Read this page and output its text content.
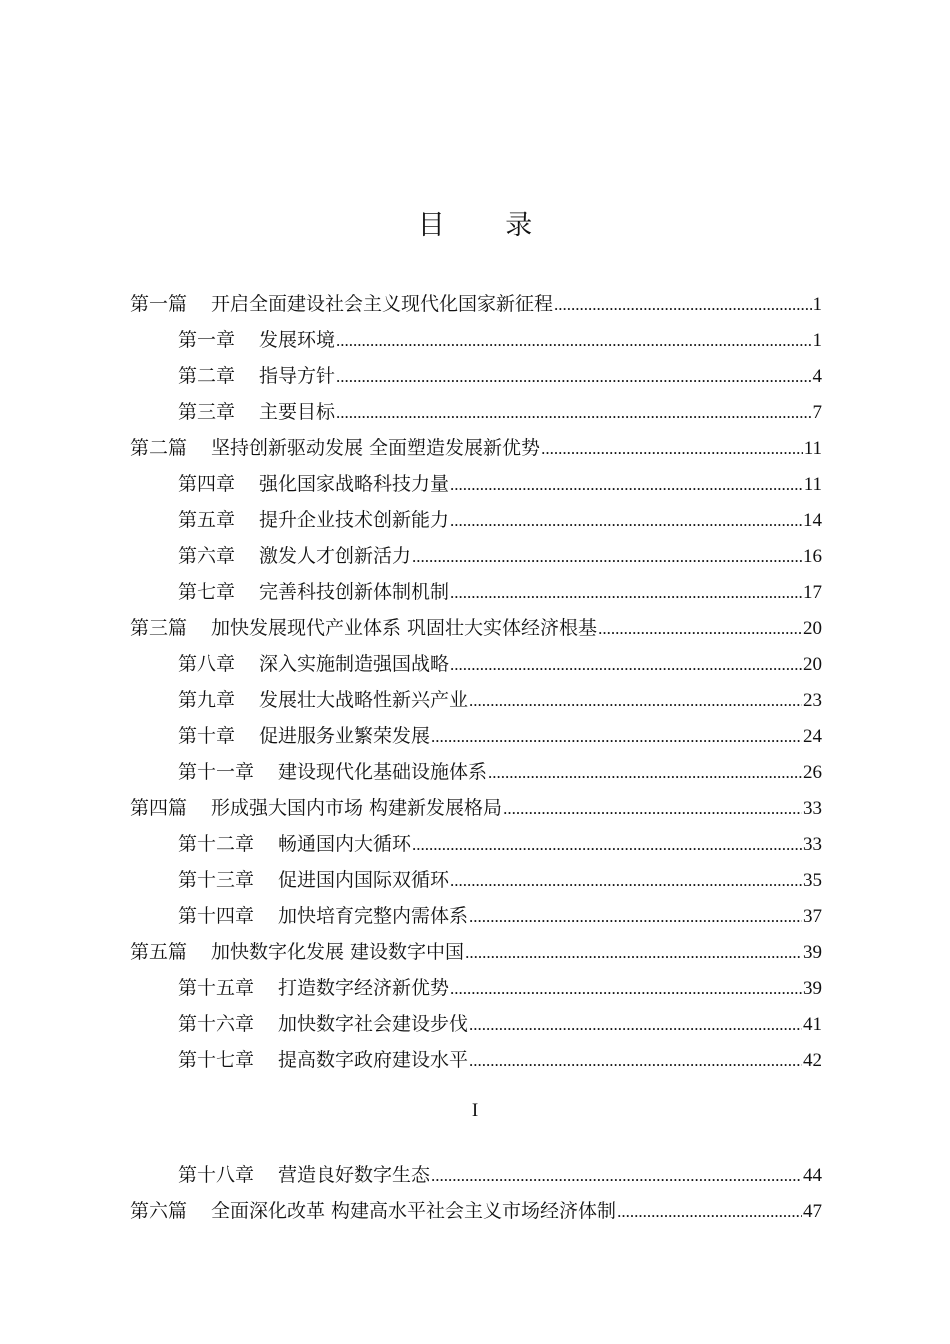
目 录
第一篇 开启全面建设社会主义现代化国家新征程 .....	1
第一章 发展环境 .....	1
第二章 指导方针 .....	4
第三章 主要目标 .....	7
第二篇 坚持创新驱动发展 全面塑造发展新优势 .....	11
第四章 强化国家战略科技力量 .....	11
第五章 提升企业技术创新能力 .....	14
第六章 激发人才创新活力 .....	16
第七章 完善科技创新体制机制 .....	17
第三篇 加快发展现代产业体系 巩固壮大实体经济根基 .....	20
第八章 深入实施制造强国战略 .....	20
第九章 发展壮大战略性新兴产业 .....	23
第十章 促进服务业繁荣发展 .....	24
第十一章 建设现代化基础设施体系 .....	26
第四篇 形成强大国内市场 构建新发展格局 .....	33
第十二章 畅通国内大循环 .....	33
第十三章 促进国内国际双循环 .....	35
第十四章 加快培育完整内需体系 .....	37
第五篇 加快数字化发展 建设数字中国 .....	39
第十五章 打造数字经济新优势 .....	39
第十六章 加快数字社会建设步伐 .....	41
第十七章 提高数字政府建设水平 .....	42
I
第十八章 营造良好数字生态 .....	44
第六篇 全面深化改革 构建高水平社会主义市场经济体制 .....	47
